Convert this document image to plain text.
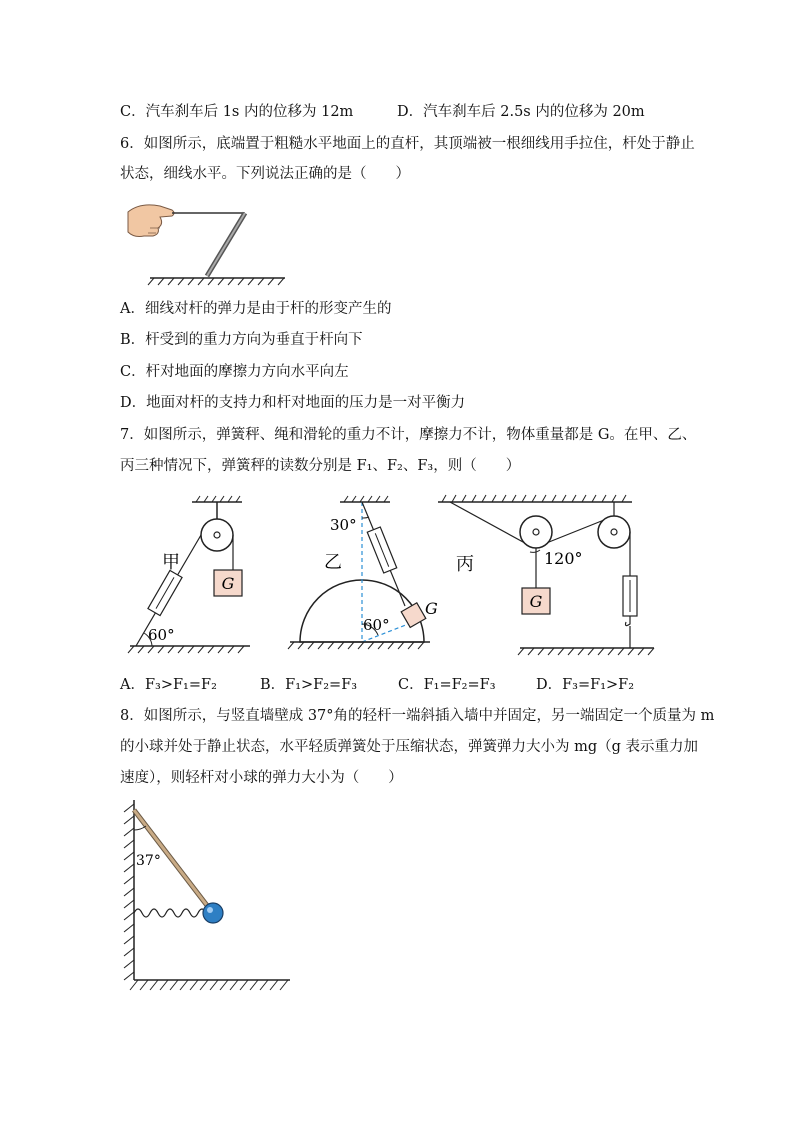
C．汽车刹车后 1s 内的位移为 12m	D．汽车刹车后 2.5s 内的位移为 20m
6．如图所示，底端置于粗糙水平地面上的直杆，其顶端被一根细线用手拉住，杆处于静止
状态，细线水平。下列说法正确的是（　　）
A．细线对杆的弹力是由于杆的形变产生的
B．杆受到的重力方向为垂直于杆向下
C．杆对地面的摩擦力方向水平向左
D．地面对杆的支持力和杆对地面的压力是一对平衡力
7．如图所示，弹簧秤、绳和滑轮的重力不计，摩擦力不计，物体重量都是 G。在甲、乙、
丙三种情况下，弹簧秤的读数分别是 F₁、F₂、F₃，则（　　）
G
甲
60°
G
30°
60°
乙
G
120°
丙
A．F₃>F₁=F₂	B．F₁>F₂=F₃	C．F₁=F₂=F₃	D．F₃=F₁>F₂
8．如图所示，与竖直墙壁成 37°角的轻杆一端斜插入墙中并固定，另一端固定一个质量为 m
的小球并处于静止状态，水平轻质弹簧处于压缩状态，弹簧弹力大小为 mg（g 表示重力加
速度），则轻杆对小球的弹力大小为（　　）
37°
